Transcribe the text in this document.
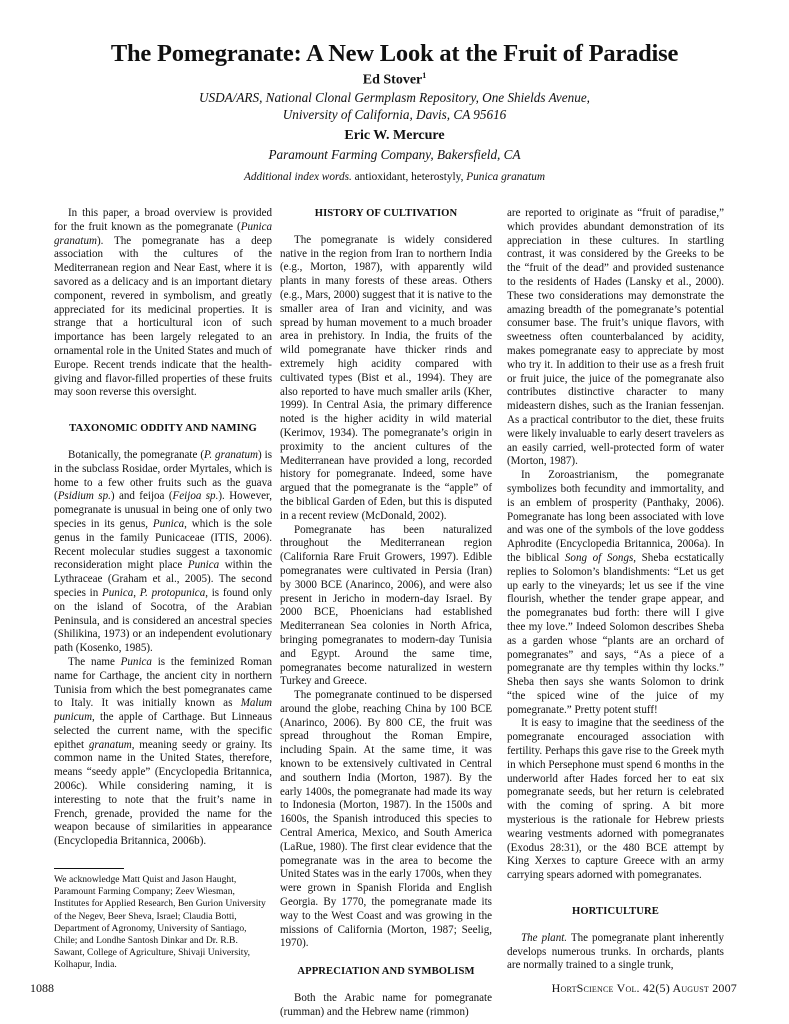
The Pomegranate: A New Look at the Fruit of Paradise
Ed Stover$^1$
USDA/ARS, National Clonal Germplasm Repository, One Shields Avenue,
University of California, Davis, CA 95616
Eric W. Mercure
Paramount Farming Company, Bakersfield, CA
Additional index words. antioxidant, heterostyly, Punica granatum

In this paper, a broad overview is provided for the fruit known as the pomegranate (Punica granatum). The pomegranate has a deep association with the cultures of the Mediterranean region and Near East, where it is savored as a delicacy and is an important dietary component, revered in symbolism, and greatly appreciated for its medicinal properties. It is strange that a horticultural icon of such importance has been largely relegated to an ornamental role in the United States and much of Europe. Recent trends indicate that the health-giving and flavor-filled properties of these fruits may soon reverse this oversight.

TAXONOMIC ODDITY AND NAMING

Botanically, the pomegranate (P. granatum) is in the subclass Rosidae, order Myrtales, which is home to a few other fruits such as the guava (Psidium sp.) and feijoa (Feijoa sp.). However, pomegranate is unusual in being one of only two species in its genus, Punica, which is the sole genus in the family Punicaceae (ITIS, 2006). Recent molecular studies suggest a taxonomic reconsideration might place Punica within the Lythraceae (Graham et al., 2005). The second species in Punica, P. protopunica, is found only on the island of Socotra, of the Arabian Peninsula, and is considered an ancestral species (Shilikina, 1973) or an independent evolutionary path (Kosenko, 1985).

The name Punica is the feminized Roman name for Carthage, the ancient city in northern Tunisia from which the best pomegranates came to Italy. It was initially known as Malum punicum, the apple of Carthage. But Linneaus selected the current name, with the specific epithet granatum, meaning seedy or grainy. Its common name in the United States, therefore, means “seedy apple” (Encyclopedia Britannica, 2006c). While considering naming, it is interesting to note that the fruit’s name in French, grenade, provided the name for the weapon because of similarities in appearance (Encyclopedia Britannica, 2006b).

We acknowledge Matt Quist and Jason Haught, Paramount Farming Company; Zeev Wiesman, Institutes for Applied Research, Ben Gurion University of the Negev, Beer Sheva, Israel; Claudia Botti, Department of Agronomy, University of Santiago, Chile; and Londhe Santosh Dinkar and Dr. R.B. Sawant, College of Agriculture, Shivaji University, Kolhapur, India.
HISTORY OF CULTIVATION

The pomegranate is widely considered native in the region from Iran to northern India (e.g., Morton, 1987), with apparently wild plants in many forests of these areas. Others (e.g., Mars, 2000) suggest that it is native to the smaller area of Iran and vicinity, and was spread by human movement to a much broader area in prehistory. In India, the fruits of the wild pomegranate have thicker rinds and extremely high acidity compared with cultivated types (Bist et al., 1994). They are also reported to have much smaller arils (Kher, 1999). In Central Asia, the primary difference noted is the higher acidity in wild material (Kerimov, 1934). The pomegranate’s origin in proximity to the ancient cultures of the Mediterranean have provided a long, recorded history for pomegranate. Indeed, some have argued that the pomegranate is the “apple” of the biblical Garden of Eden, but this is disputed in a recent review (McDonald, 2002).

Pomegranate has been naturalized throughout the Mediterranean region (California Rare Fruit Growers, 1997). Edible pomegranates were cultivated in Persia (Iran) by 3000 BCE (Anarinco, 2006), and were also present in Jericho in modern-day Israel. By 2000 BCE, Phoenicians had established Mediterranean Sea colonies in North Africa, bringing pomegranates to modern-day Tunisia and Egypt. Around the same time, pomegranates become naturalized in western Turkey and Greece.

The pomegranate continued to be dispersed around the globe, reaching China by 100 BCE (Anarinco, 2006). By 800 CE, the fruit was spread throughout the Roman Empire, including Spain. At the same time, it was known to be extensively cultivated in Central and southern India (Morton, 1987). By the early 1400s, the pomegranate had made its way to Indonesia (Morton, 1987). In the 1500s and 1600s, the Spanish introduced this species to Central America, Mexico, and South America (LaRue, 1980). The first clear evidence that the pomegranate was in the area to become the United States was in the early 1700s, when they were grown in Spanish Florida and English Georgia. By 1770, the pomegranate made its way to the West Coast and was growing in the missions of California (Morton, 1987; Seelig, 1970).

APPRECIATION AND SYMBOLISM

Both the Arabic name for pomegranate (rumman) and the Hebrew name (rimmon)

are reported to originate as “fruit of paradise,” which provides abundant demonstration of its appreciation in these cultures. In startling contrast, it was considered by the Greeks to be the “fruit of the dead” and provided sustenance to the residents of Hades (Lansky et al., 2000). These two considerations may demonstrate the amazing breadth of the pomegranate’s potential consumer base. The fruit’s unique flavors, with sweetness often counterbalanced by acidity, makes pomegranate easy to appreciate by most who try it. In addition to their use as a fresh fruit or fruit juice, the juice of the pomegranate also contributes distinctive character to many mideastern dishes, such as the Iranian fessenjan. As a practical contributor to the diet, these fruits were likely invaluable to early desert travelers as an easily carried, well-protected form of water (Morton, 1987).

In Zoroastrianism, the pomegranate symbolizes both fecundity and immortality, and is an emblem of prosperity (Panthaky, 2006). Pomegranate has long been associated with love and was one of the symbols of the love goddess Aphrodite (Encyclopedia Britannica, 2006a). In the biblical Song of Songs, Sheba ecstatically replies to Solomon’s blandishments: “Let us get up early to the vineyards; let us see if the vine flourish, whether the tender grape appear, and the pomegranates bud forth: there will I give thee my love.” Indeed Solomon describes Sheba as a garden whose “plants are an orchard of pomegranates” and says, “As a piece of a pomegranate are thy temples within thy locks.” Sheba then says she wants Solomon to drink “the spiced wine of the juice of my pomegranate.” Pretty potent stuff!

It is easy to imagine that the seediness of the pomegranate encouraged association with fertility. Perhaps this gave rise to the Greek myth in which Persephone must spend 6 months in the underworld after Hades forced her to eat six pomegranate seeds, but her return is celebrated with the coming of spring. A bit more mysterious is the rationale for Hebrew priests wearing vestments adorned with pomegranates (Exodus 28:31), or the 480 BCE attempt by King Xerxes to capture Greece with an army carrying spears adorned with pomegranates.

HORTICULTURE

The plant. The pomegranate plant inherently develops numerous trunks. In orchards, plants are normally trained to a single trunk,

1088	HortScience Vol. 42(5) August 2007
